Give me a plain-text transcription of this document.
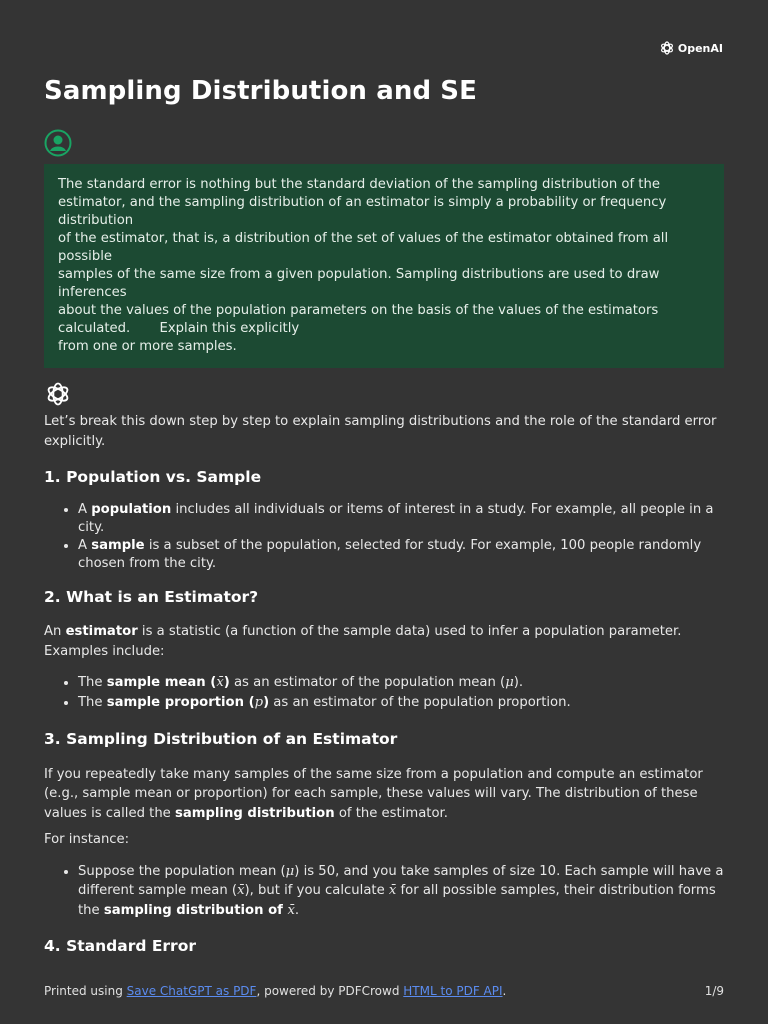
OpenAI
Sampling Distribution and SE
The standard error is nothing but the standard deviation of the sampling distribution of the
estimator, and the sampling distribution of an estimator is simply a probability or frequency
distribution
of the estimator, that is, a distribution of the set of values of the estimator obtained from all
possible
samples of the same size from a given population. Sampling distributions are used to draw
inferences
about the values of the population parameters on the basis of the values of the estimators
calculated.       Explain this explicitly
from one or more samples.

Let’s break this down step by step to explain sampling distributions and the role of the standard error explicitly.

1. Population vs. Sample
• A population includes all individuals or items of interest in a study. For example, all people in a city.
• A sample is a subset of the population, selected for study. For example, 100 people randomly chosen from the city.
2. What is an Estimator?

An estimator is a statistic (a function of the sample data) used to infer a population parameter. Examples include:

• The sample mean (x̄) as an estimator of the population mean (μ).
• The sample proportion (p) as an estimator of the population proportion.
3. Sampling Distribution of an Estimator

If you repeatedly take many samples of the same size from a population and compute an estimator (e.g., sample mean or proportion) for each sample, these values will vary. The distribution of these values is called the sampling distribution of the estimator.

For instance:

• Suppose the population mean (μ) is 50, and you take samples of size 10. Each sample will have a different sample mean (x̄), but if you calculate x̄ for all possible samples, their distribution forms the sampling distribution of x̄.
4. Standard Error
Printed using Save ChatGPT as PDF, powered by PDFCrowd HTML to PDF API.	1/9
